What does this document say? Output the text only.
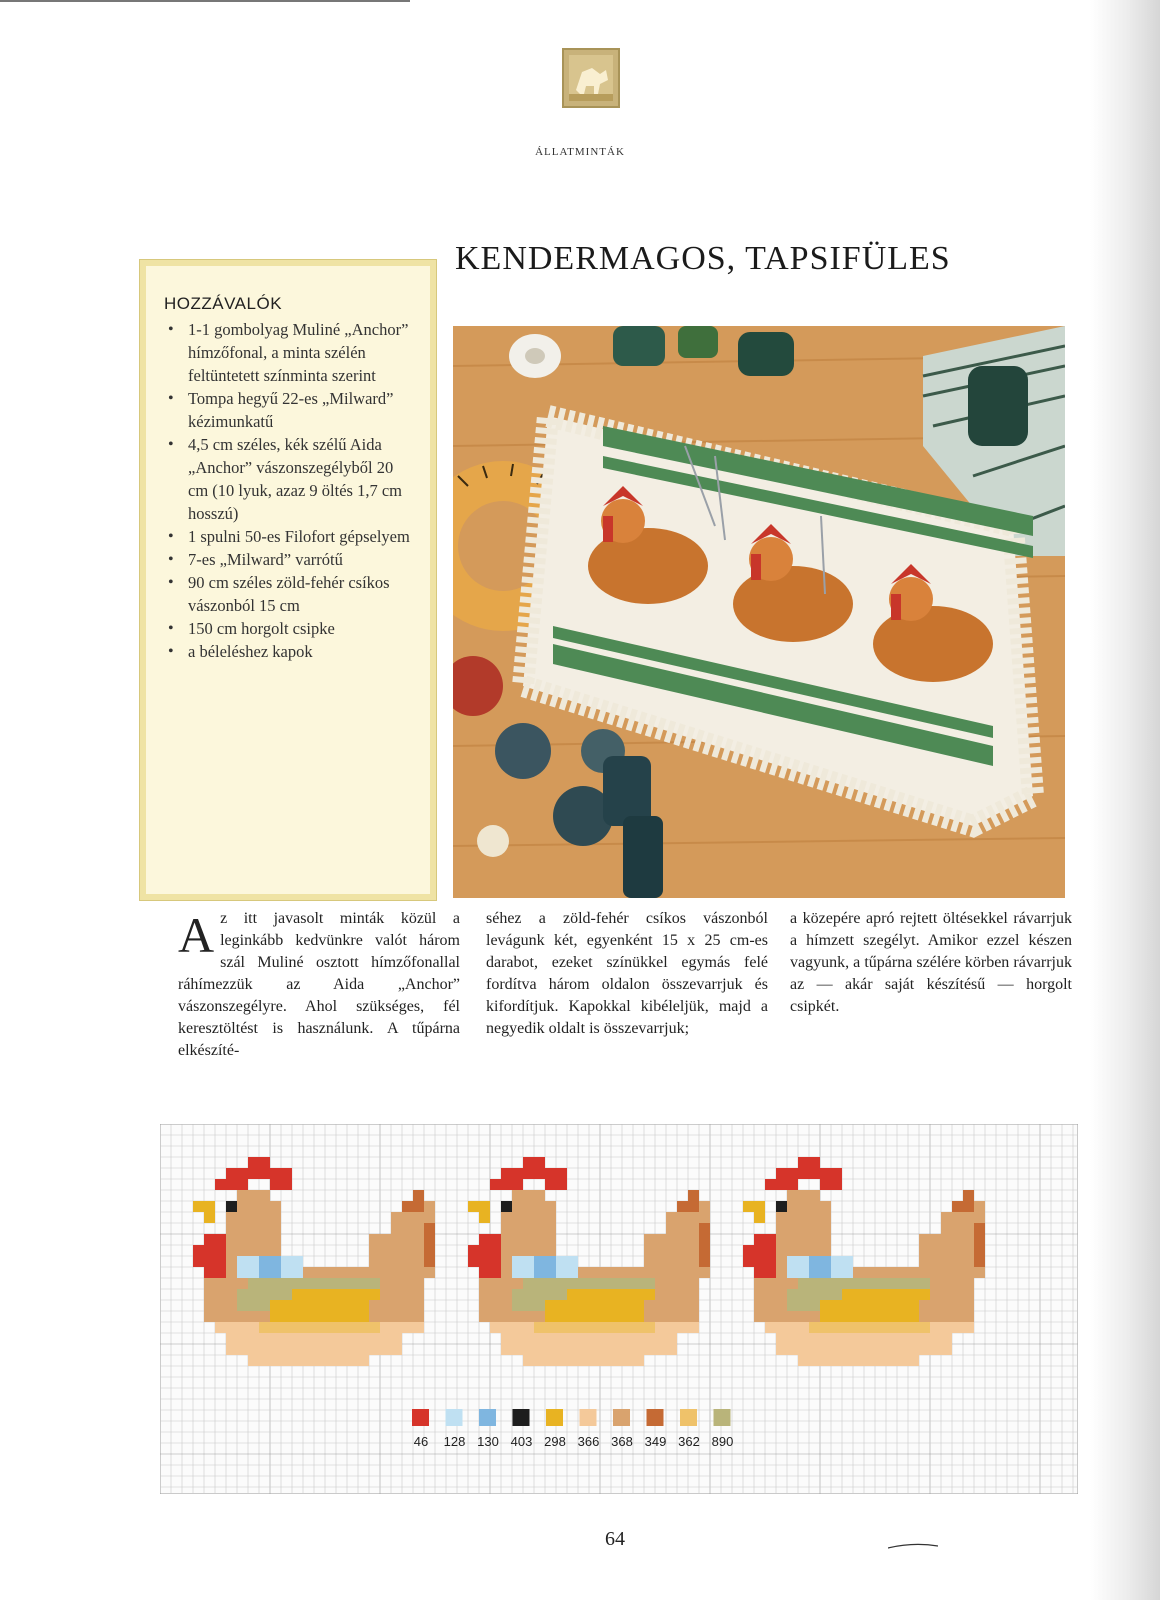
ÁLLATMINTÁK
KENDERMAGOS, TAPSIFÜLES
HOZZÁVALÓK
• 1-1 gombolyag Muliné „Anchor” hímzőfonal, a minta szélén feltüntetett színminta szerint
• Tompa hegyű 22-es „Milward” kézimunkatű
• 4,5 cm széles, kék szélű Aida „Anchor” vászonszegélyből 20 cm (10 lyuk, azaz 9 öltés 1,7 cm hosszú)
• 1 spulni 50-es Filofort gépselyem
• 7-es „Milward” varrótű
• 90 cm széles zöld-fehér csíkos vászonból 15 cm
• 150 cm horgolt csipke
• a béleléshez kapok
Az itt javasolt minták közül a leginkább kedvünkre valót három szál Muliné osztott hímzőfonallal ráhímezzük az Aida „Anchor” vászonszegélyre. Ahol szükséges, fél keresztöltést is használunk. A tűpárna elkészíté-
séhez a zöld-fehér csíkos vászonból levágunk két, egyenként 15 x 25 cm-es darabot, ezeket színükkel egymás felé fordítva három oldalon összevarrjuk és kifordítjuk. Kapokkal kibéleljük, majd a negyedik oldalt is összevarrjuk;
a közepére apró rejtett öltésekkel rávarrjuk a hímzett szegélyt. Amikor ezzel készen vagyunk, a tűpárna szélére körben rávarrjuk az — akár saját készítésű — horgolt csipkét.
46 128 130 403 298 366 368 349 362 890
64
